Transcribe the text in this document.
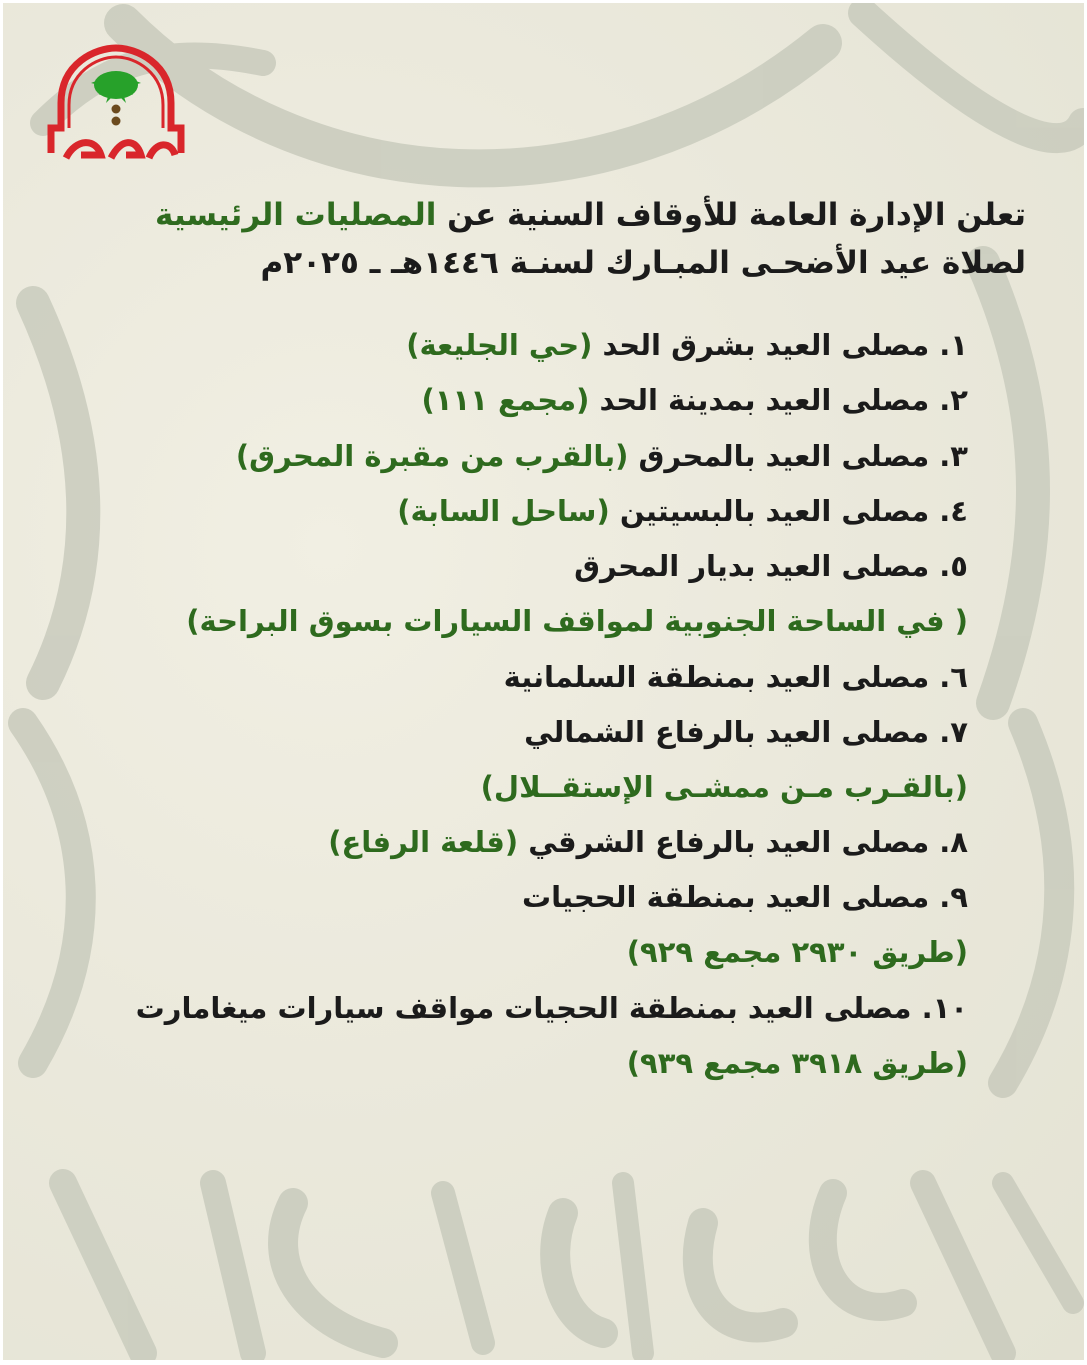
تعلن الإدارة العامة للأوقاف السنية عن المصليات الرئيسية
لصلاة عيد الأضحـى المبـارك لسنـة ١٤٤٦هـ ـ ٢٠٢٥م
١. مصلى العيد بشرق الحد (حي الجليعة)
٢. مصلى العيد بمدينة الحد (مجمع ١١١)
٣. مصلى العيد بالمحرق (بالقرب من مقبرة المحرق)
٤. مصلى العيد بالبسيتين (ساحل السابة)
٥. مصلى العيد بديار المحرق
( في الساحة الجنوبية لمواقف السيارات بسوق البراحة)
٦. مصلى العيد بمنطقة السلمانية
٧. مصلى العيد بالرفاع الشمالي
(بالقـرب مـن ممشـى الإستقــلال)
٨. مصلى العيد بالرفاع الشرقي (قلعة الرفاع)
٩. مصلى العيد بمنطقة الحجيات
(طريق ٢٩٣٠ مجمع ٩٢٩)
١٠. مصلى العيد بمنطقة الحجيات مواقف سيارات ميغامارت
(طريق ٣٩١٨ مجمع ٩٣٩)
